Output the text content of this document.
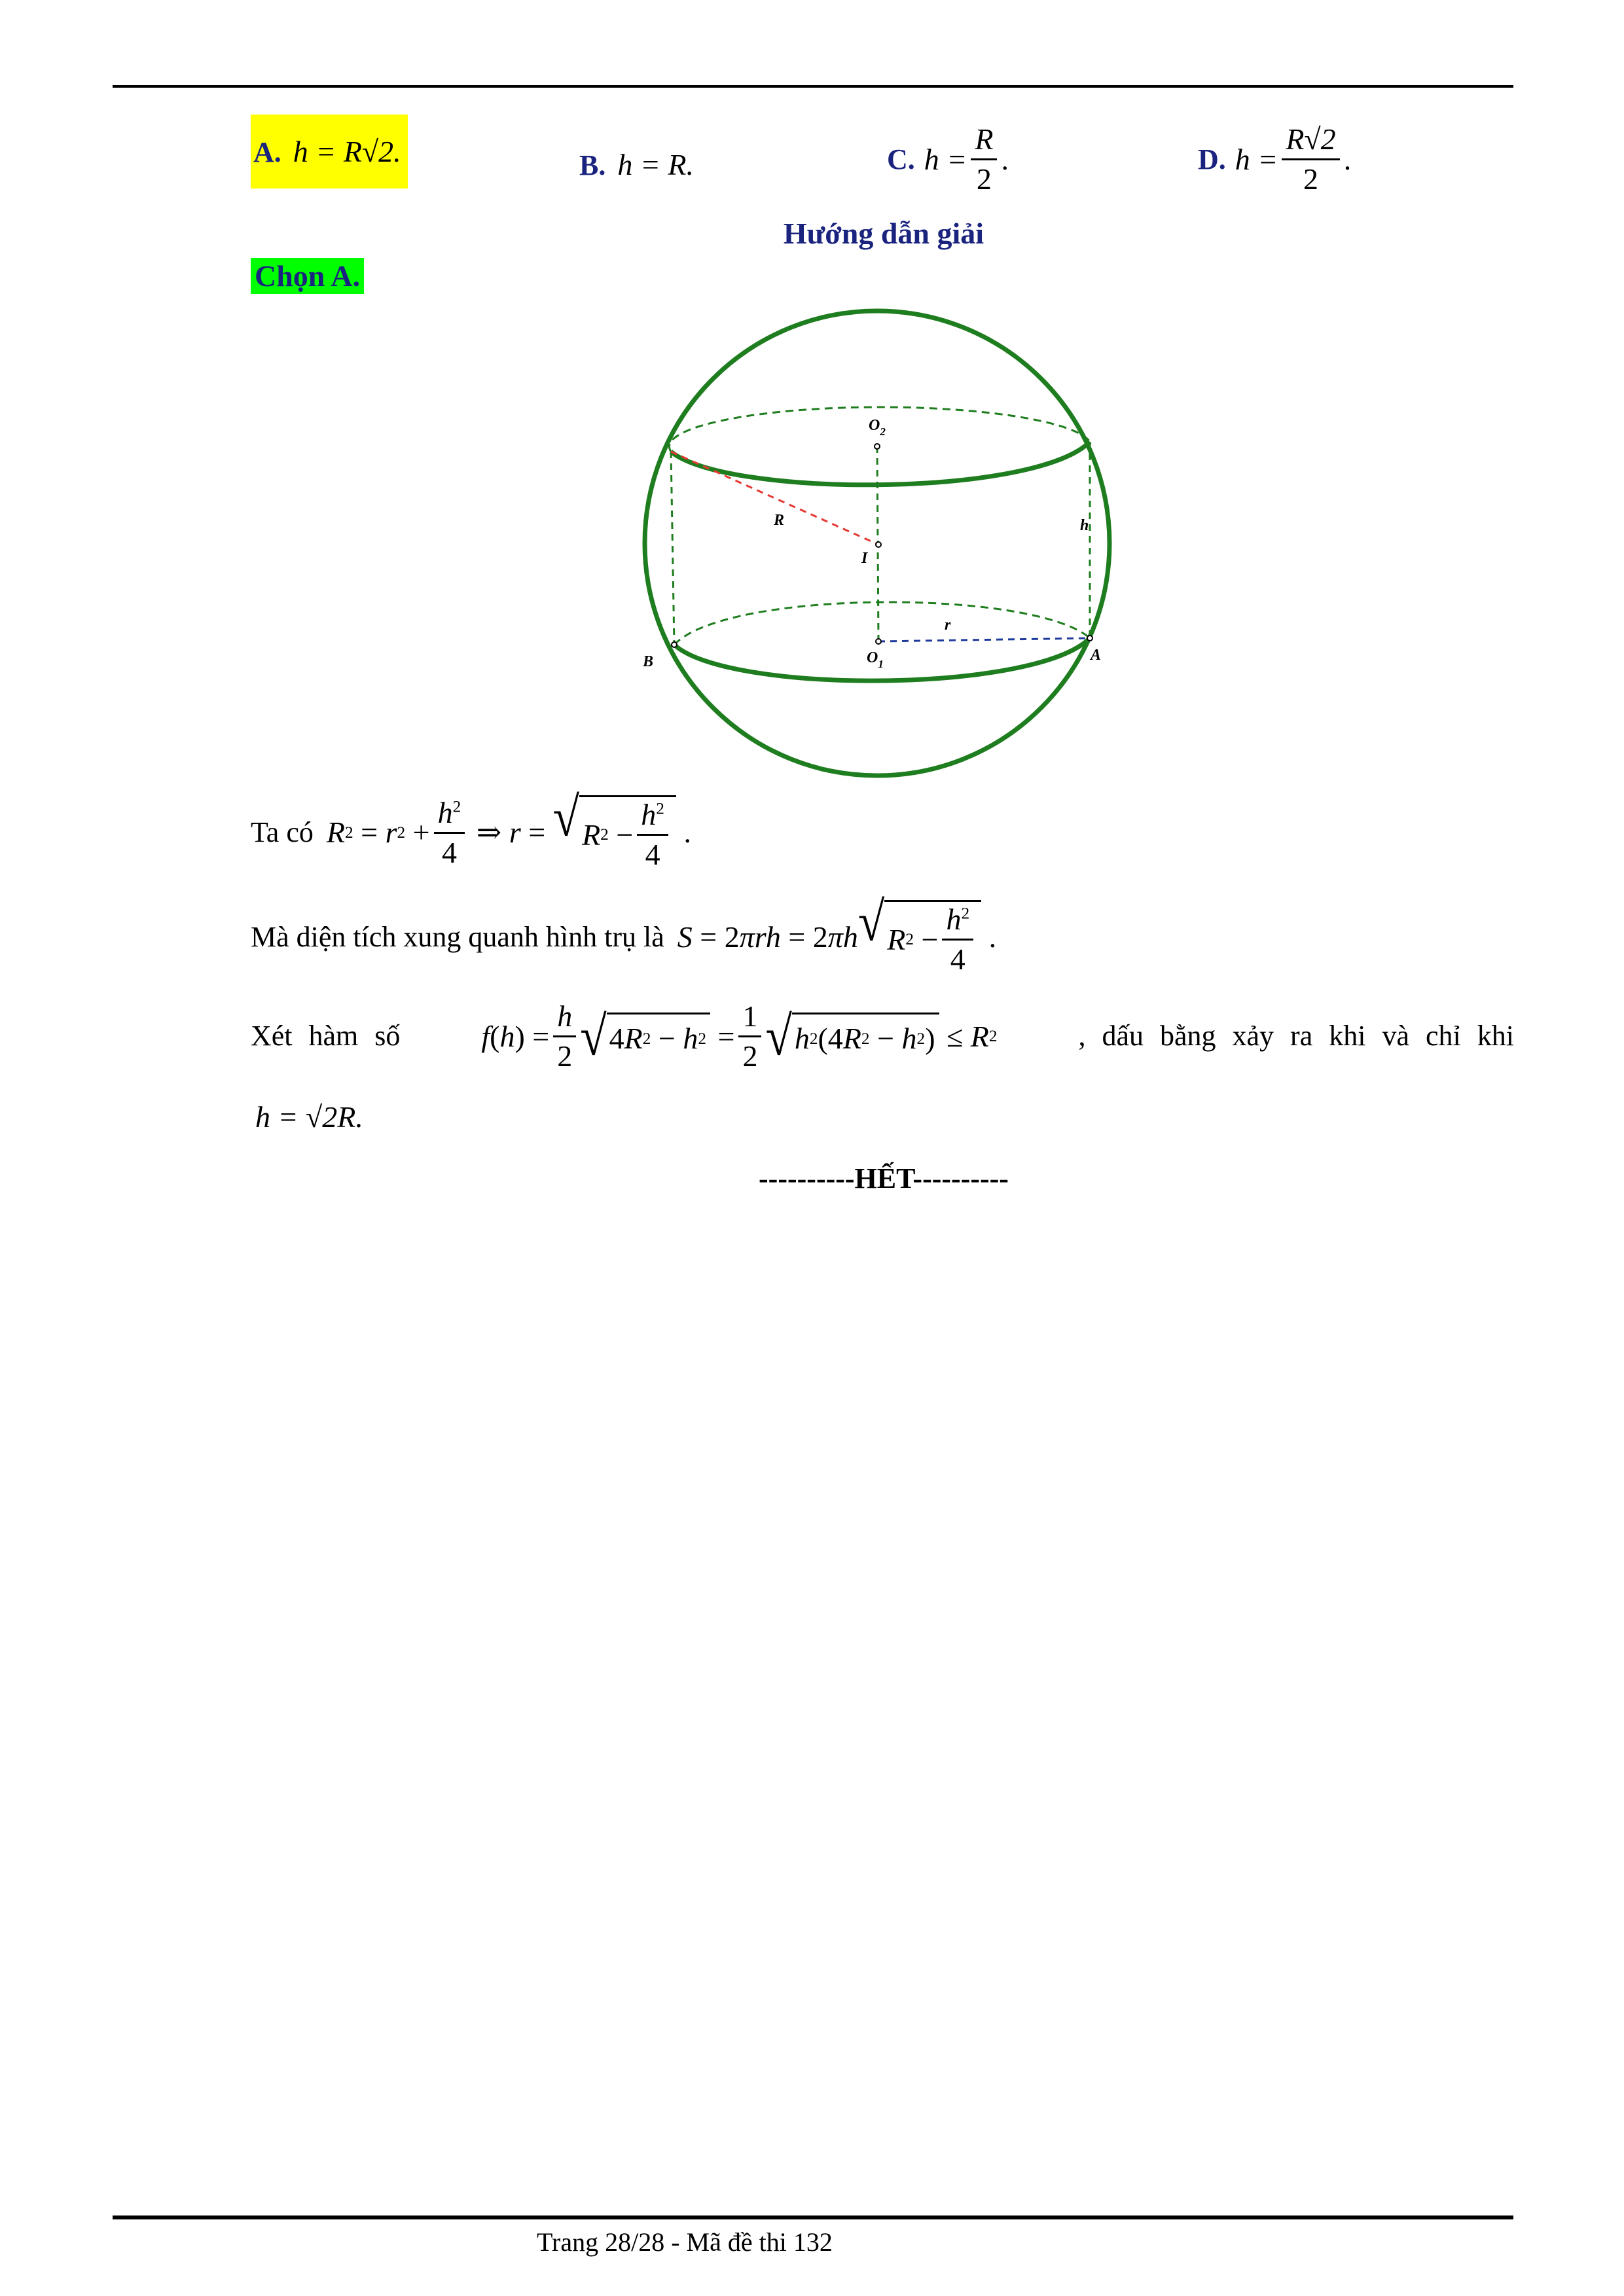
A. h = R√2.	B. h = R.	C. $h = \frac{R}{2}$ .	D. $h = \frac{R√2}{2}$ .
Hướng dẫn giải
Chọn A.
$O_2$
I
R	h
r
$O_1$
A
B
Ta có R 2 = r $2 + \frac{h^2}{4}$ ⇒ r = √ R $2 - \frac{h^2}{4}$ .
Mà diện tích xung quanh hình trụ là S = 2 πrh = 2 πh √ R $2 - \frac{h^2}{4}$ .
Xét hàm số	f ( h ) = $\frac{h}{2}$ √ 4 R 2 − h $2 = \frac{1}{2}$ √ h 2 (4 R 2 − h 2 ) ≤ R 2	, dấu bằng xảy ra khi và chỉ khi
h = √2R.
----------HẾT----------
Trang 28/28 - Mã đề thi 132
